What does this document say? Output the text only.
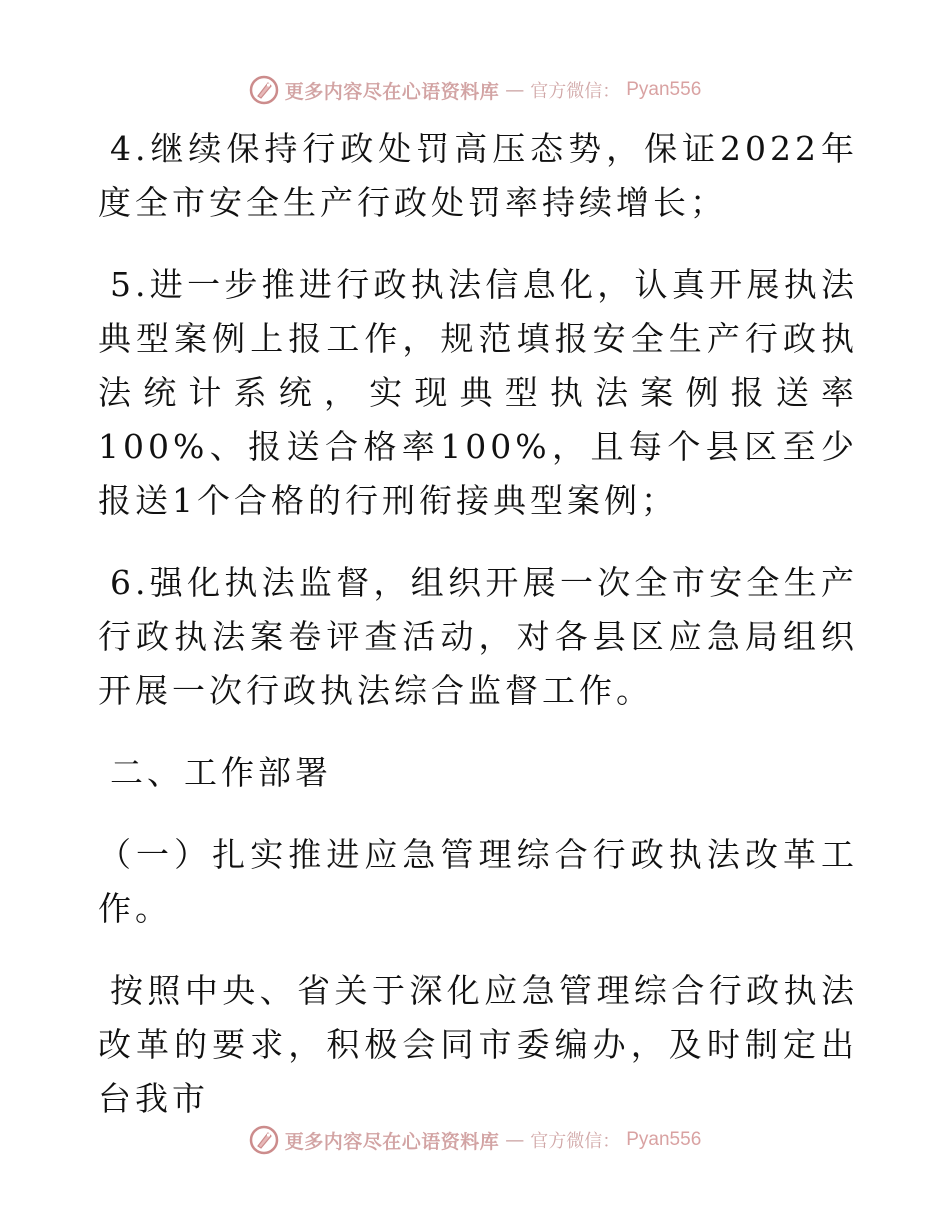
更多内容尽在心语资料库 — 官方微信： Pyan556

4.继续保持行政处罚高压态势，保证2022年度全市安全生产行政处罚率持续增长；

5.进一步推进行政执法信息化，认真开展执法典型案例上报工作，规范填报安全生产行政执法统计系统，实现典型执法案例报送率100%、报送合格率100%，且每个县区至少报送1个合格的行刑衔接典型案例；

6.强化执法监督，组织开展一次全市安全生产行政执法案卷评查活动，对各县区应急局组织开展一次行政执法综合监督工作。

二、工作部署

（一）扎实推进应急管理综合行政执法改革工作。

按照中央、省关于深化应急管理综合行政执法改革的要求，积极会同市委编办，及时制定出台我市

更多内容尽在心语资料库 — 官方微信： Pyan556
